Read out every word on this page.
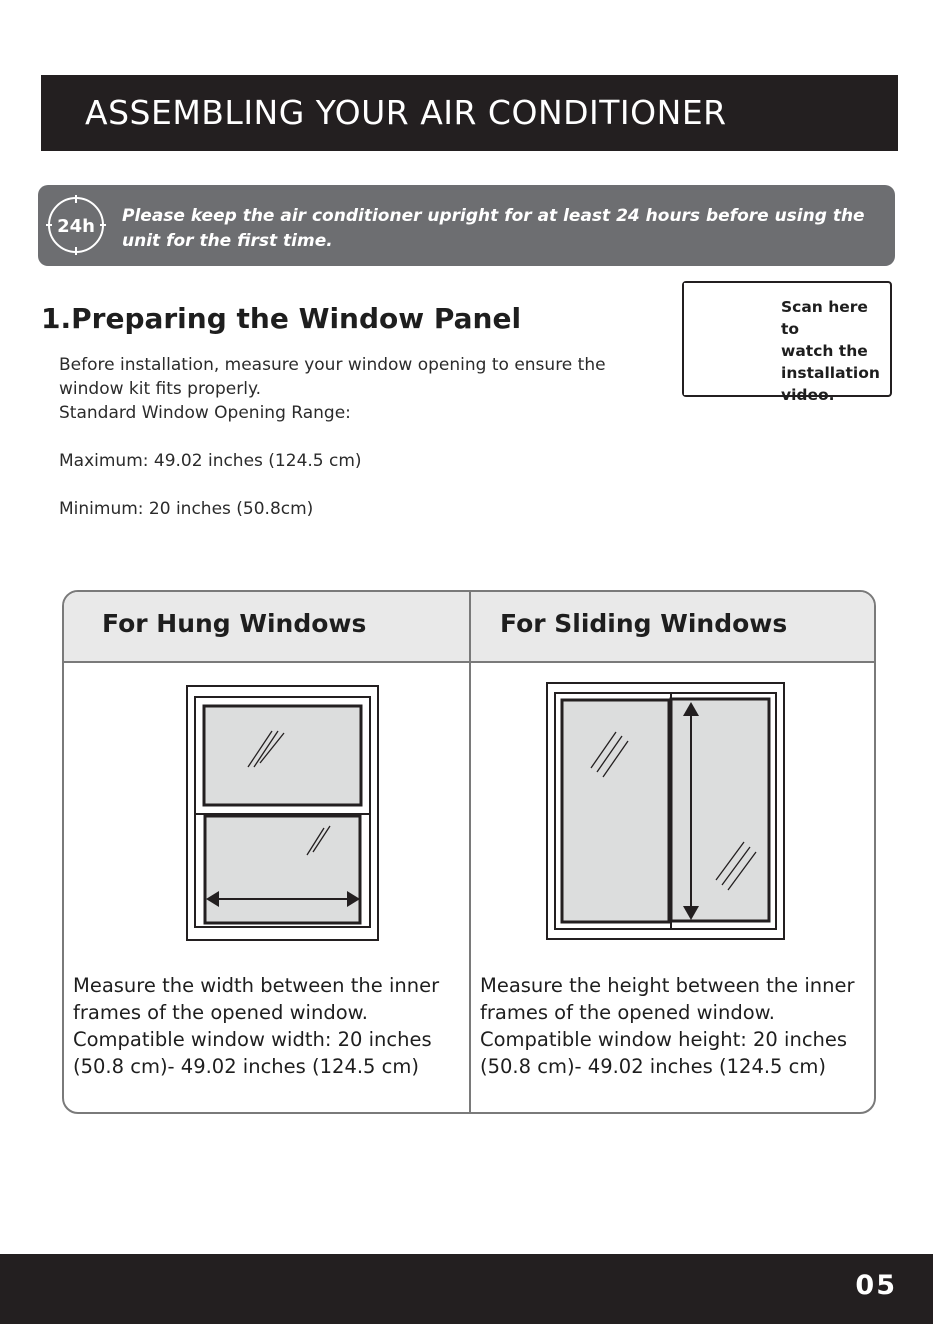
ASSEMBLING YOUR AIR CONDITIONER
24h Please keep the air conditioner upright for at least 24 hours before using the unit for the first time.
1.Preparing the Window Panel
Before installation, measure your window opening to ensure the
window kit fits properly.
Standard Window Opening Range:
Maximum: 49.02 inches (124.5 cm)
Minimum: 20 inches (50.8cm)
Scan here to
watch the
installation
video.
For Hung Windows	For Sliding Windows
Measure the width between the inner
frames of the opened window.
Compatible window width: 20 inches
(50.8 cm)- 49.02 inches (124.5 cm)
Measure the height between the inner
frames of the opened window.
Compatible window height: 20 inches
(50.8 cm)- 49.02 inches (124.5 cm)
05
